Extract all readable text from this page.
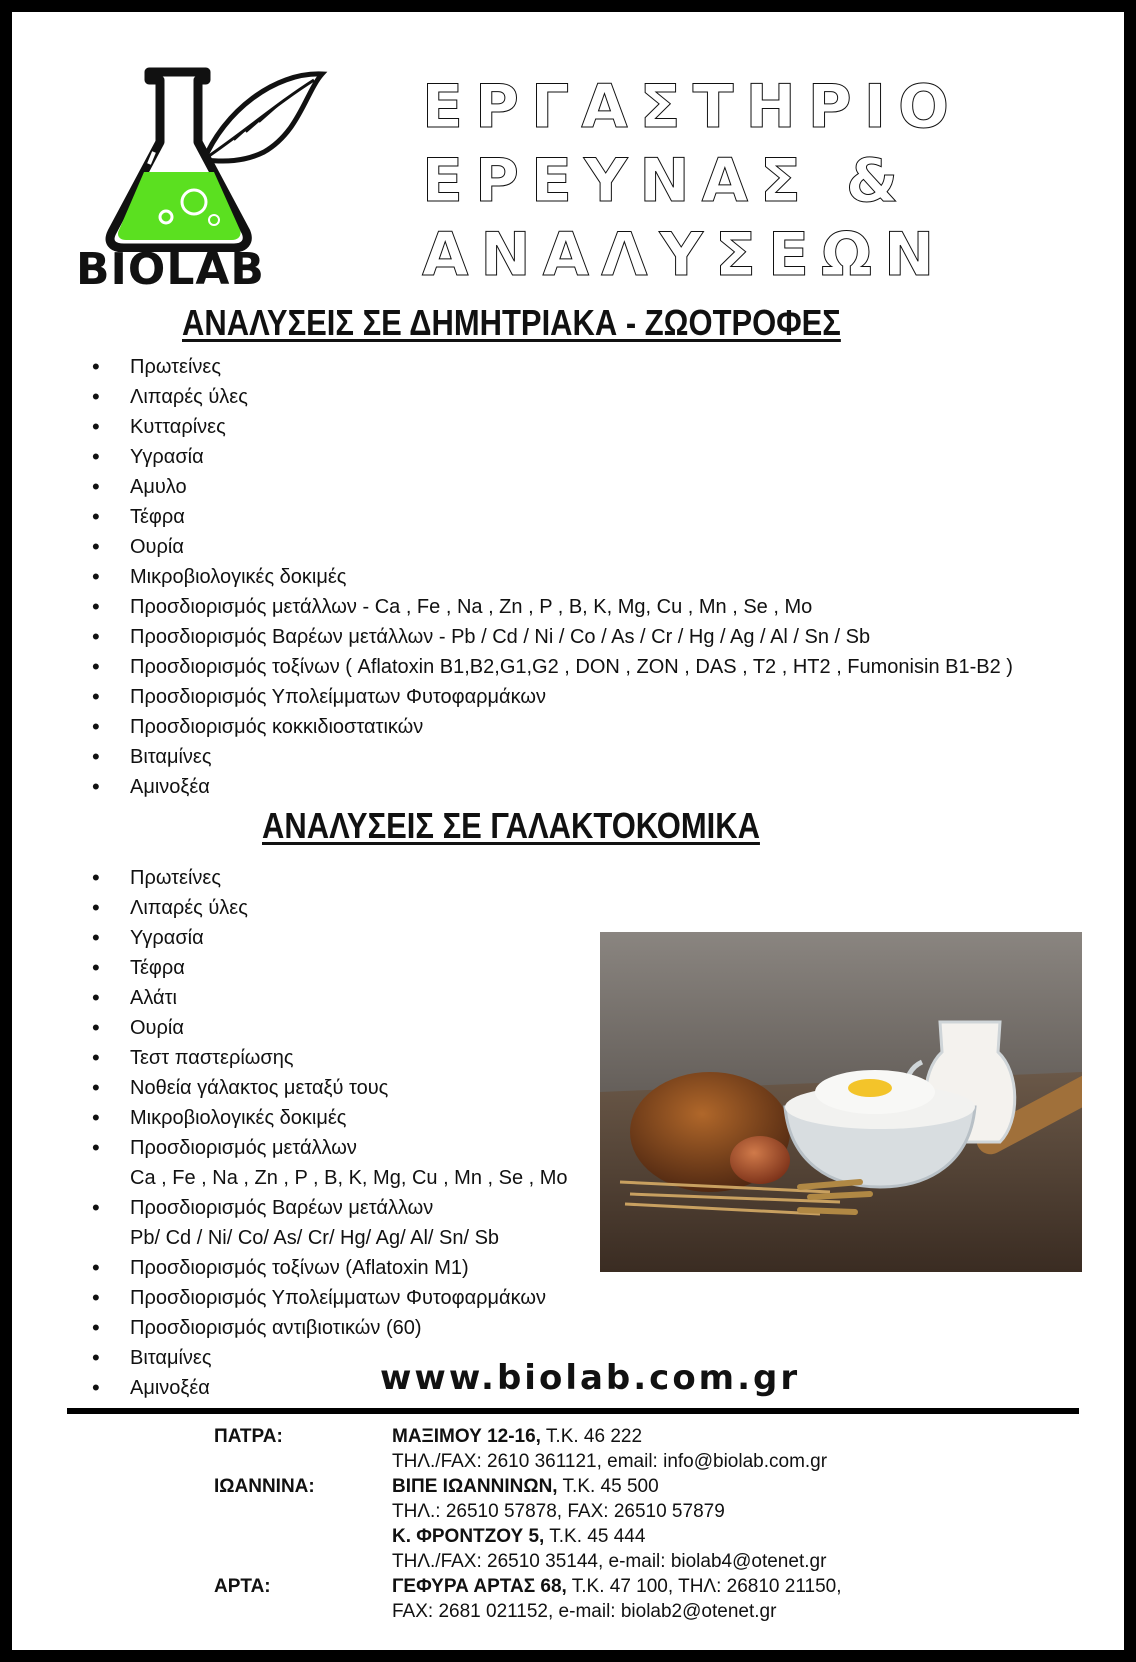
BIOLAB
ΕΡΓΑΣΤΗΡΙΟ
ΕΡΕΥΝΑΣ &
ΑΝΑΛΥΣΕΩΝ
ΑΝΑΛΥΣΕΙΣ ΣΕ ΔΗΜΗΤΡΙΑΚΑ - ΖΩΟΤΡΟΦΕΣ
• Πρωτείνες
• Λιπαρές ύλες
• Κυτταρίνες
• Υγρασία
• Αμυλο
• Τέφρα
• Ουρία
• Μικροβιολογικές δοκιμές
• Προσδιορισμός μετάλλων - Ca , Fe , Na , Zn , P , B, K, Mg, Cu , Mn , Se , Mo
• Προσδιορισμός Βαρέων μετάλλων - Pb / Cd / Ni / Co / As / Cr / Hg / Ag / Al / Sn / Sb
• Προσδιορισμός τοξίνων ( Aflatoxin B1,B2,G1,G2 , DON , ZON , DAS , T2 , HT2 , Fumonisin B1-B2 )
• Προσδιορισμός Υπολείμματων Φυτοφαρμάκων
• Προσδιορισμός κοκκιδιοστατικών
• Βιταμίνες
• Αμινοξέα
ΑΝΑΛΥΣΕΙΣ ΣΕ ΓΑΛΑΚΤΟΚΟΜΙΚΑ
• Πρωτείνες
• Λιπαρές ύλες
• Υγρασία
• Τέφρα
• Αλάτι
• Ουρία
• Τεστ παστερίωσης
• Νοθεία γάλακτος μεταξύ τους
• Μικροβιολογικές δοκιμές
• Προσδιορισμός μετάλλων
Ca , Fe , Na , Zn , P , B, K, Mg, Cu , Mn , Se , Mo
• Προσδιορισμός Βαρέων μετάλλων
Pb/ Cd / Ni/ Co/ As/ Cr/ Hg/ Ag/ Al/ Sn/ Sb
• Προσδιορισμός τοξίνων (Aflatoxin M1)
• Προσδιορισμός Υπολείμματων Φυτοφαρμάκων
• Προσδιορισμός αντιβιοτικών (60)
• Βιταμίνες
• Αμινοξέα	www.biolab.com.gr
ΠΑΤΡΑ:	ΜΑΞΙΜΟΥ 12-16, Τ.Κ. 46 222
ΤΗΛ./FAX: 2610 361121, email: info@biolab.com.gr
ΙΩΑΝΝΙΝΑ:	ΒΙΠΕ ΙΩΑΝΝΙΝΩΝ, Τ.Κ. 45 500
ΤΗΛ.: 26510 57878, FAX: 26510 57879
Κ. ΦΡΟΝΤΖΟΥ 5, Τ.Κ. 45 444
ΤΗΛ./FAX: 26510 35144, e-mail: biolab4@otenet.gr
ΑΡΤΑ:	ΓΕΦΥΡΑ ΑΡΤΑΣ 68, Τ.Κ. 47 100, ΤΗΛ: 26810 21150,
FAX: 2681 021152, e-mail: biolab2@otenet.gr
